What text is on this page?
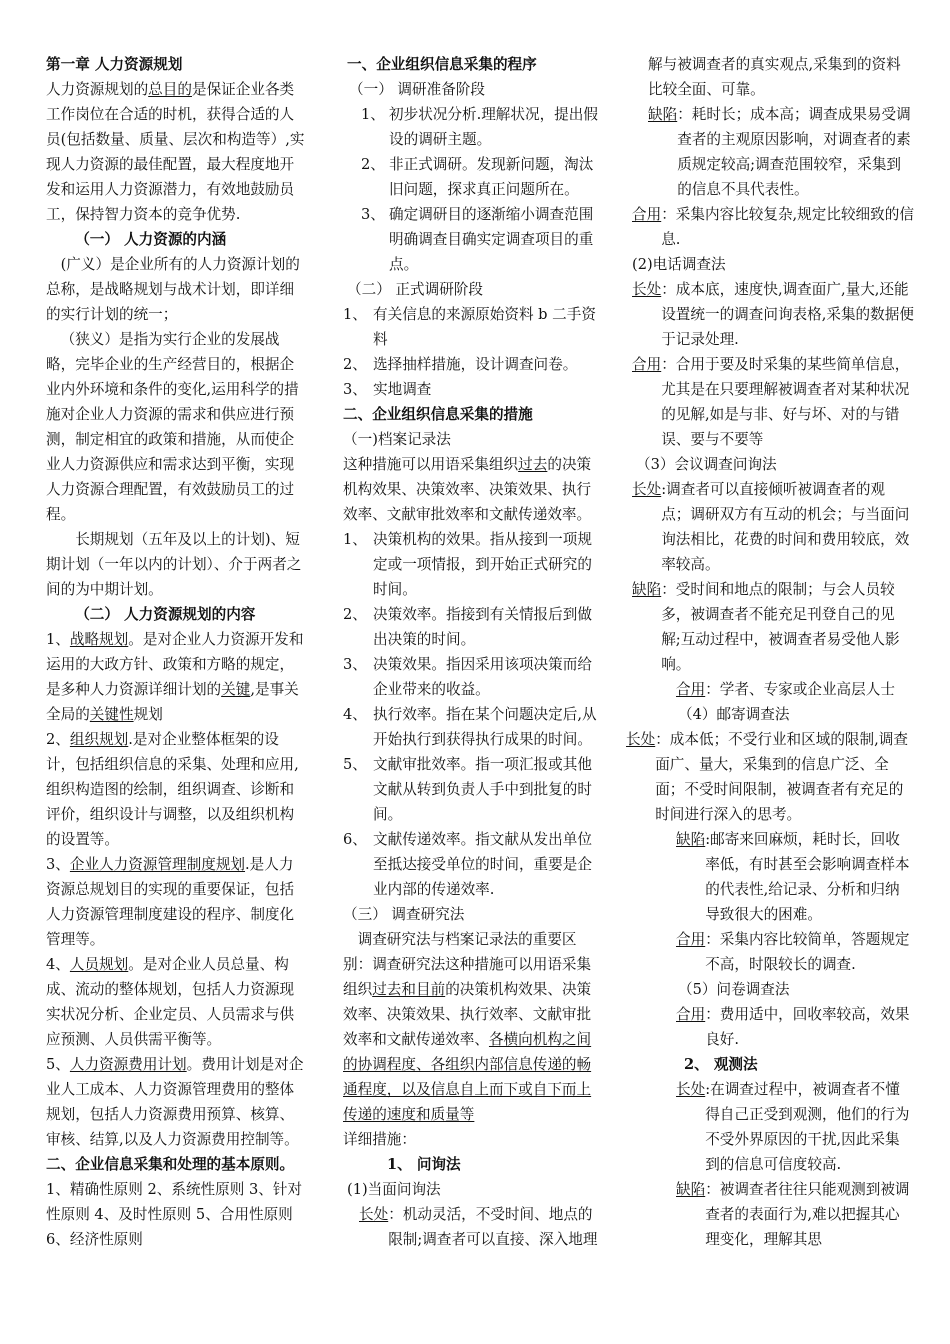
第一章 人力资源规划

人力资源规划的总目的是保证企业各类工作岗位在合适的时机，获得合适的人员(包括数量、质量、层次和构造等）,实现人力资源的最佳配置，最大程度地开发和运用人力资源潜力，有效地鼓励员工，保持智力资本的竞争优势.

（一） 人力资源的内涵

(广义）是企业所有的人力资源计划的总称，是战略规划与战术计划，即详细的实行计划的统一；

（狭义）是指为实行企业的发展战略，完毕企业的生产经营目的，根据企业内外环境和条件的变化,运用科学的措施对企业人力资源的需求和供应进行预测，制定相宜的政策和措施，从而使企业人力资源供应和需求达到平衡，实现人力资源合理配置，有效鼓励员工的过程。

长期规划（五年及以上的计划)、短期计划（一年以内的计划）、介于两者之间的为中期计划。

（二） 人力资源规划的内容

1、战略规划。是对企业人力资源开发和运用的大政方针、政策和方略的规定，是多种人力资源详细计划的关键,是事关全局的关键性规划

2、组织规划.是对企业整体框架的设计，包括组织信息的采集、处理和应用,组织构造图的绘制，组织调查、诊断和评价，组织设计与调整，以及组织机构的设置等。

3、企业人力资源管理制度规划.是人力资源总规划目的实现的重要保证，包括人力资源管理制度建设的程序、制度化管理等。

4、人员规划。是对企业人员总量、构成、流动的整体规划，包括人力资源现实状况分析、企业定员、人员需求与供应预测、人员供需平衡等。

5、人力资源费用计划。费用计划是对企业人工成本、人力资源管理费用的整体规划，包括人力资源费用预算、核算、审核、结算,以及人力资源费用控制等。

二、企业信息采集和处理的基本原则。

1、精确性原则 2、系统性原则 3、针对性原则 4、及时性原则 5、合用性原则 6、经济性原则

一、企业组织信息采集的程序

（一） 调研准备阶段

1、 初步状况分析.理解状况，提出假设的调研主题。
2、 非正式调研。发现新问题，淘汰旧问题，探求真正问题所在。
3、 确定调研目的逐渐缩小调查范围明确调查目确实定调查项目的重点。

（二） 正式调研阶段

1、 有关信息的来源原始资料 b 二手资料
2、 选择抽样措施，设计调查问卷。
3、 实地调查

二、企业组织信息采集的措施

（一)档案记录法

这种措施可以用语采集组织过去的决策机构效果、决策效率、决策效果、执行效率、文献审批效率和文献传递效率。

1、 决策机构的效果。指从接到一项规定或一项情报，到开始正式研究的时间。
2、 决策效率。指接到有关情报后到做出决策的时间。
3、 决策效果。指因采用该项决策而给企业带来的收益。
4、 执行效率。指在某个问题决定后,从开始执行到获得执行成果的时间。
5、 文献审批效率。指一项汇报或其他文献从转到负责人手中到批复的时间。
6、 文献传递效率。指文献从发出单位至抵达接受单位的时间，重要是企业内部的传递效率.

（三） 调查研究法

调查研究法与档案记录法的重要区别：调查研究法这种措施可以用语采集组织过去和目前的决策机构效果、决策效率、决策效果、执行效率、文献审批效率和文献传递效率、各横向机构之间的协调程度、各组织内部信息传递的畅通程度，以及信息自上而下或自下而上传递的速度和质量等

详细措施：

1、 问询法

(1)当面问询法

长处 ：机动灵活，不受时间、地点的限制;调查者可以直接、深入地理

解与被调查者的真实观点,采集到的资料比较全面、可靠。

缺陷 ：耗时长；成本高；调查成果易受调查者的主观原因影响，对调查者的素质规定较高;调查范围较窄，采集到的信息不具代表性。
合用 ：采集内容比较复杂,规定比较细致的信息.

(2)电话调查法

长处 ：成本底，速度快,调查面广,量大,还能设置统一的调查问询表格,采集的数据便于记录处理.
合用 ：合用于要及时采集的某些简单信息，尤其是在只要理解被调查者对某种状况的见解,如是与非、好与坏、对的与错误、要与不要等

（3）会议调查问询法

长处 :调查者可以直接倾听被调查者的观点；调研双方有互动的机会；与当面问询法相比，花费的时间和费用较底，效率较高。
缺陷 ：受时间和地点的限制；与会人员较多，被调查者不能充足刊登自己的见解;互动过程中，被调查者易受他人影响。
合用 ：学者、专家或企业高层人士

（4）邮寄调查法

长处 ：成本低；不受行业和区域的限制,调查面广、量大，采集到的信息广泛、全面；不受时间限制，被调查者有充足的时间进行深入的思考。
缺陷 :邮寄来回麻烦，耗时长，回收率低，有时甚至会影响调查样本的代表性,给记录、分析和归纳导致很大的困难。
合用 ：采集内容比较简单，答题规定不高，时限较长的调查.

（5）问卷调查法

合用 ：费用适中，回收率较高，效果良好.

2、 观测法

长处 :在调查过程中，被调查者不懂得自己正受到观测，他们的行为不受外界原因的干扰,因此采集到的信息可信度较高.
缺陷 ：被调查者往往只能观测到被调查者的表面行为,难以把握其心理变化，理解其思
